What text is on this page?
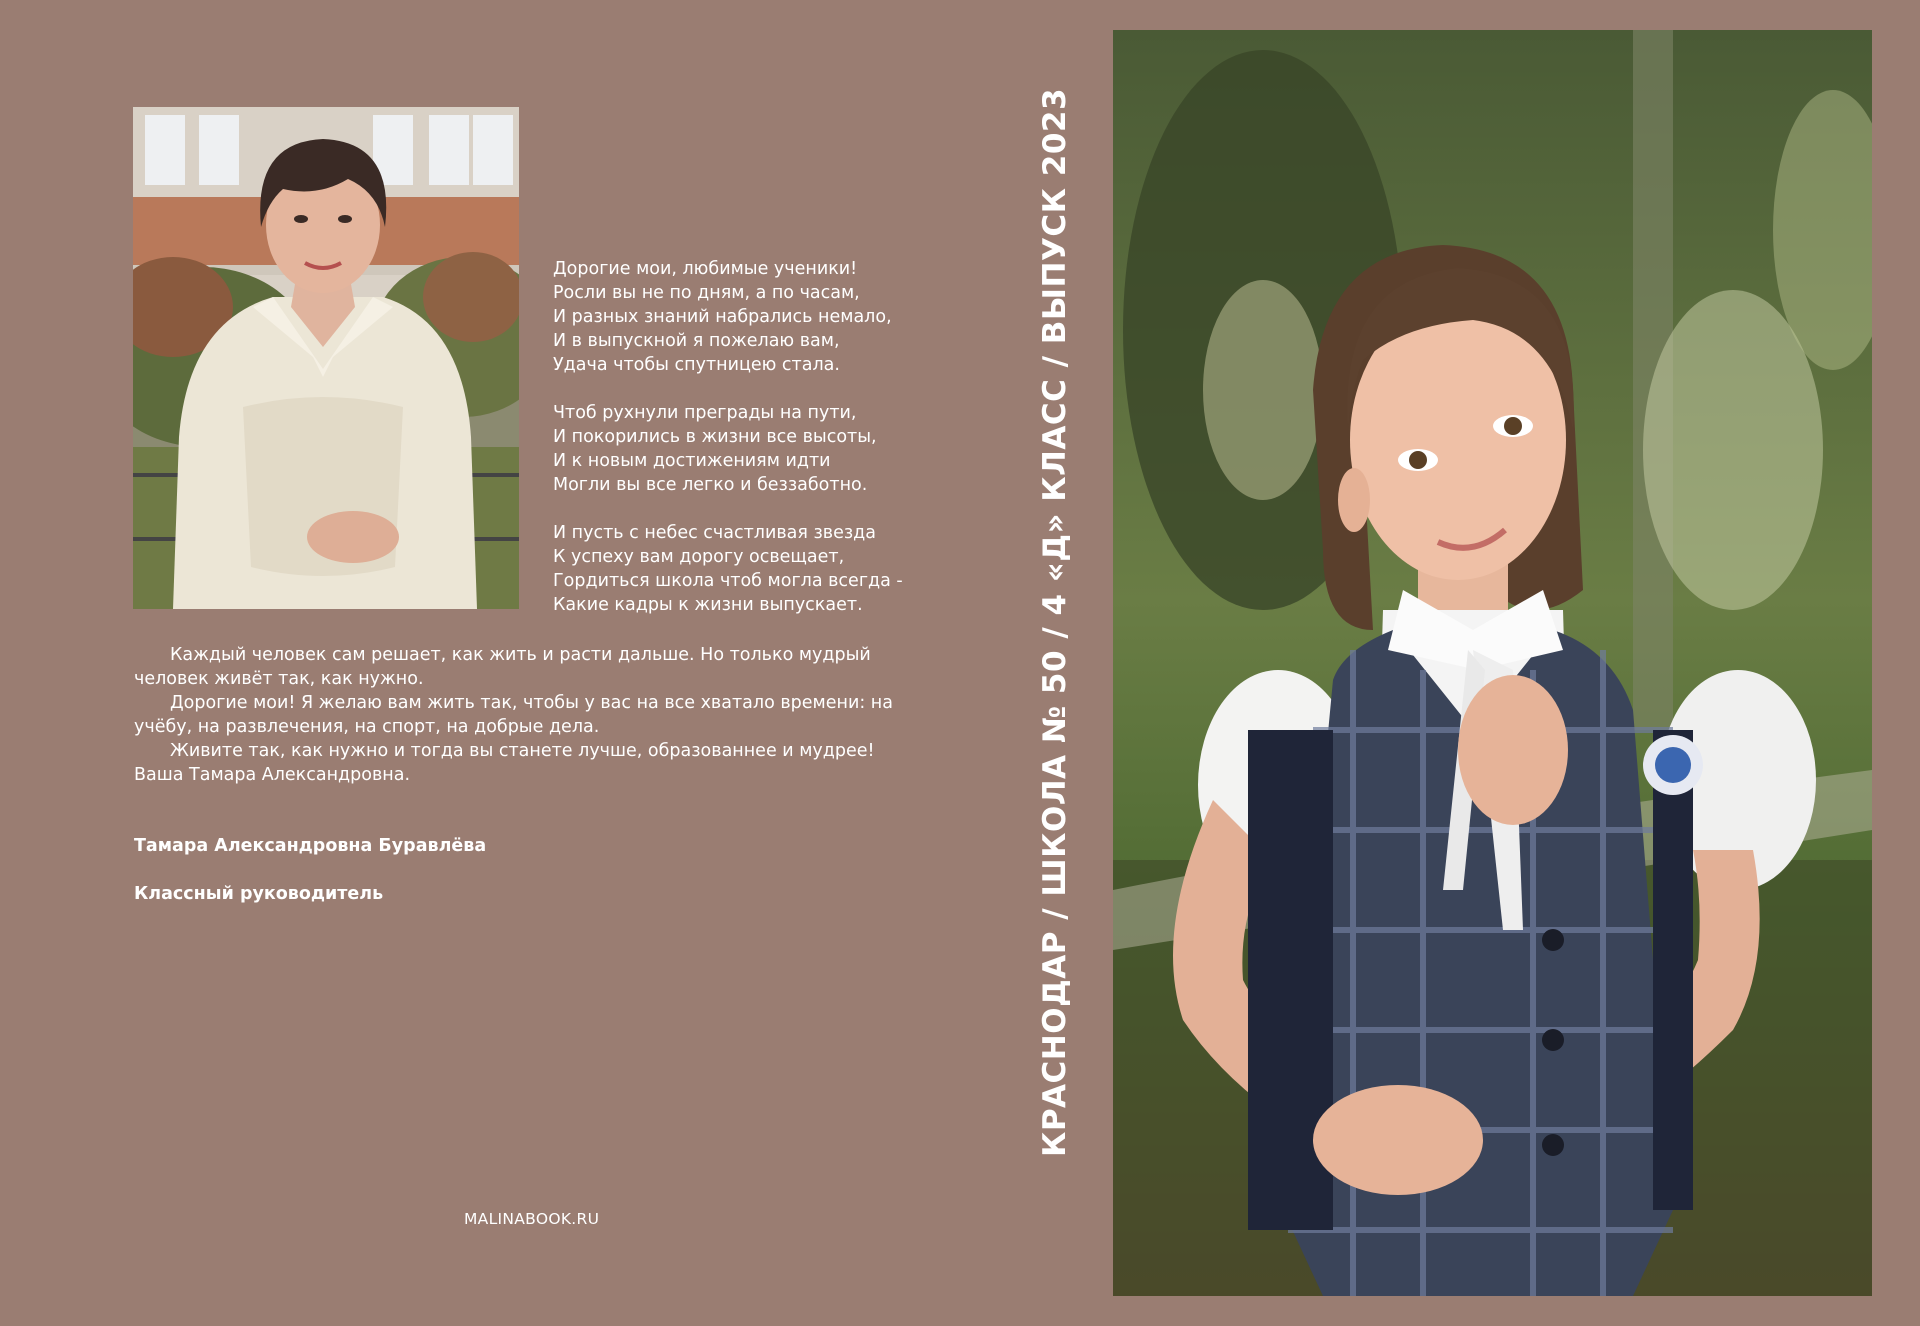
Дорогие мои, любимые ученики!
Росли вы не по дням, а по часам,
И разных знаний набрались немало,
И в выпускной я пожелаю вам,
Удача чтобы спутницею стала.
Чтоб рухнули преграды на пути,
И покорились в жизни все высоты,
И к новым достижениям идти
Могли вы все легко и беззаботно.
И пусть с небес счастливая звезда
К успеху вам дорогу освещает,
Гордиться школа чтоб могла всегда -
Какие кадры к жизни выпускает.
Каждый человек сам решает, как жить и расти дальше. Но только мудрый человек живёт так, как нужно.
Дорогие мои! Я желаю вам жить так, чтобы у вас на все хватало времени: на учёбу, на развлечения, на спорт, на добрые дела.
Живите так, как нужно и тогда вы станете лучше, образованнее и мудрее!
Ваша Тамара Александровна.
Тамара Александровна Буравлёва
Классный руководитель
MALINABOOK.RU
КРАСНОДАР / ШКОЛА № 50 / 4 «Д» КЛАСС / ВЫПУСК 2023
